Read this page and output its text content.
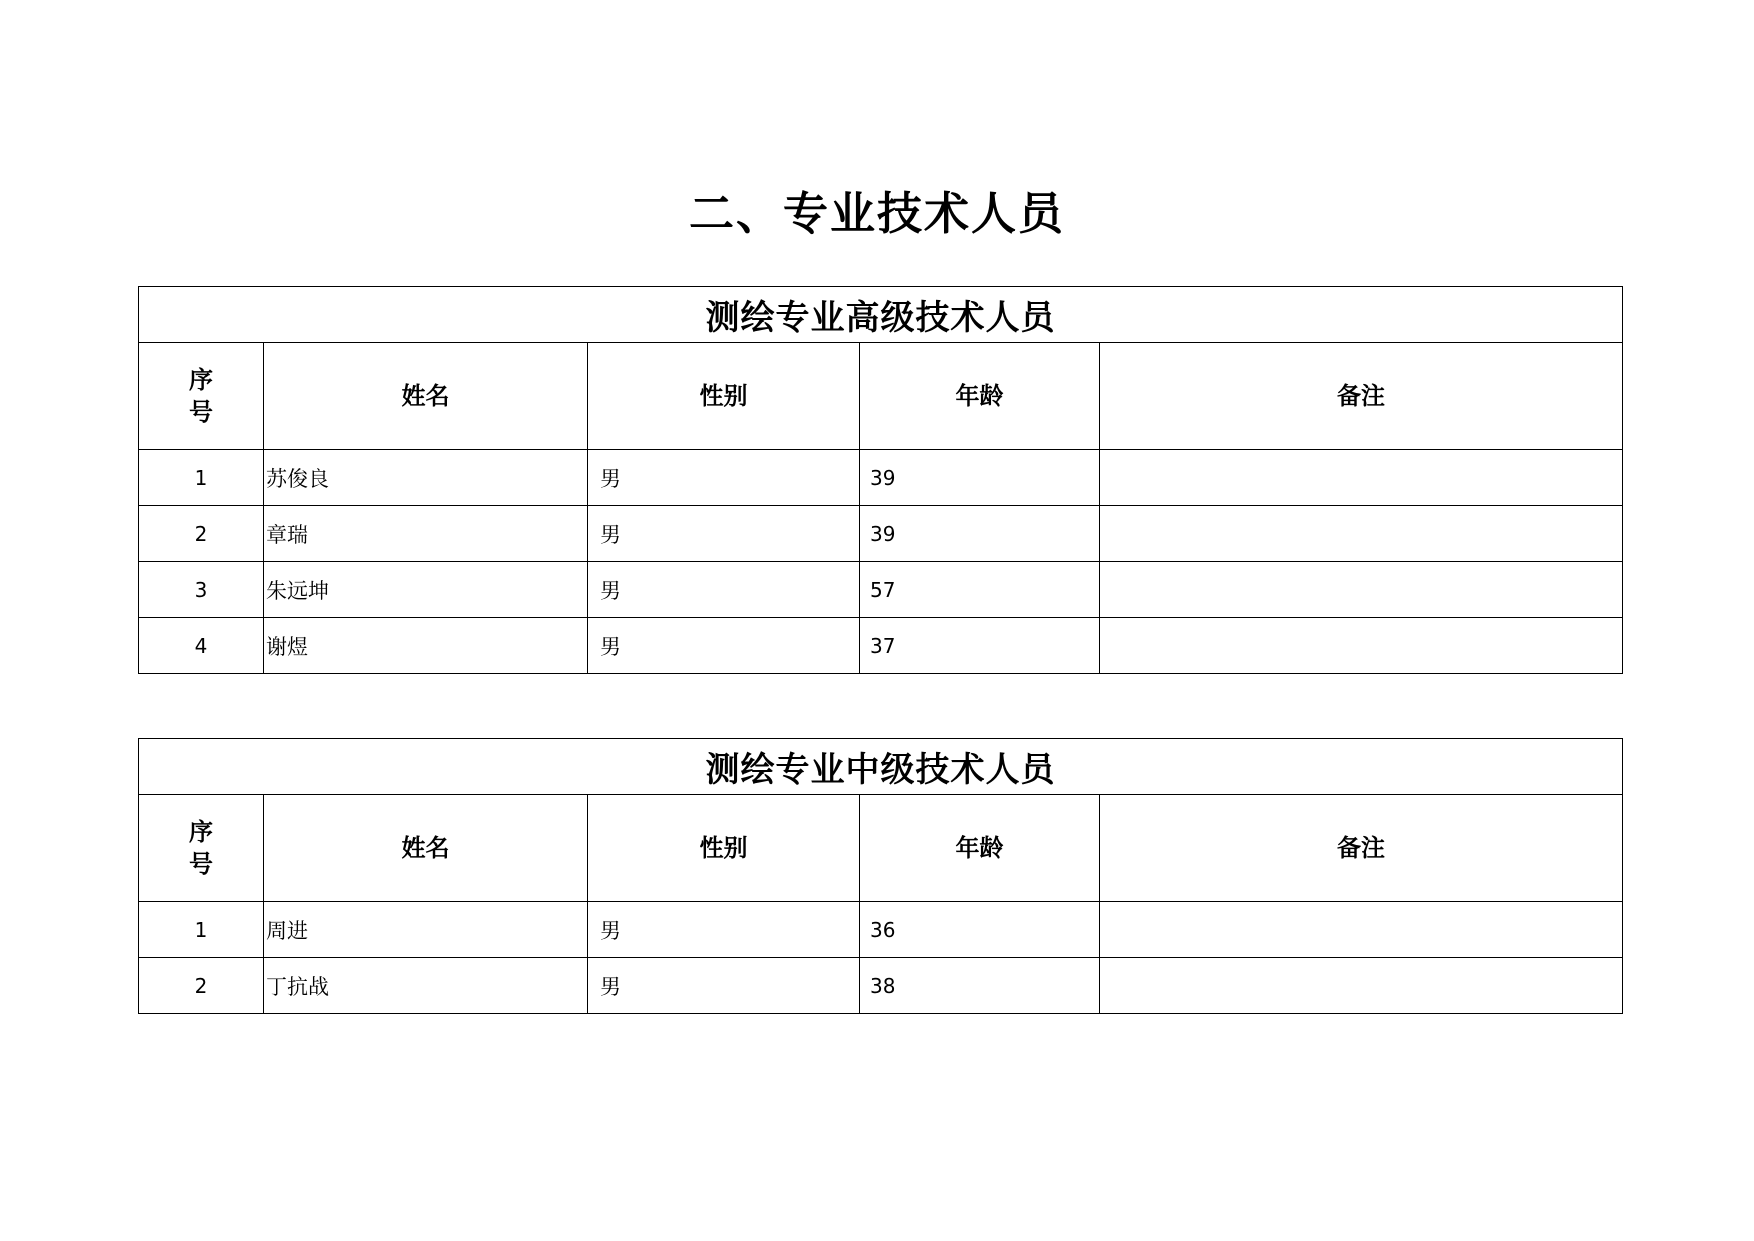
二、专业技术人员
测绘专业高级技术人员				

序号	姓名	性别	年龄	备注
1	苏俊良	男	39	
2	章瑞	男	39	
3	朱远坤	男	57	
4	谢煜	男	37	
测绘专业中级技术人员				

序号	姓名	性别	年龄	备注
1	周进	男	36	
2	丁抗战	男	38	
